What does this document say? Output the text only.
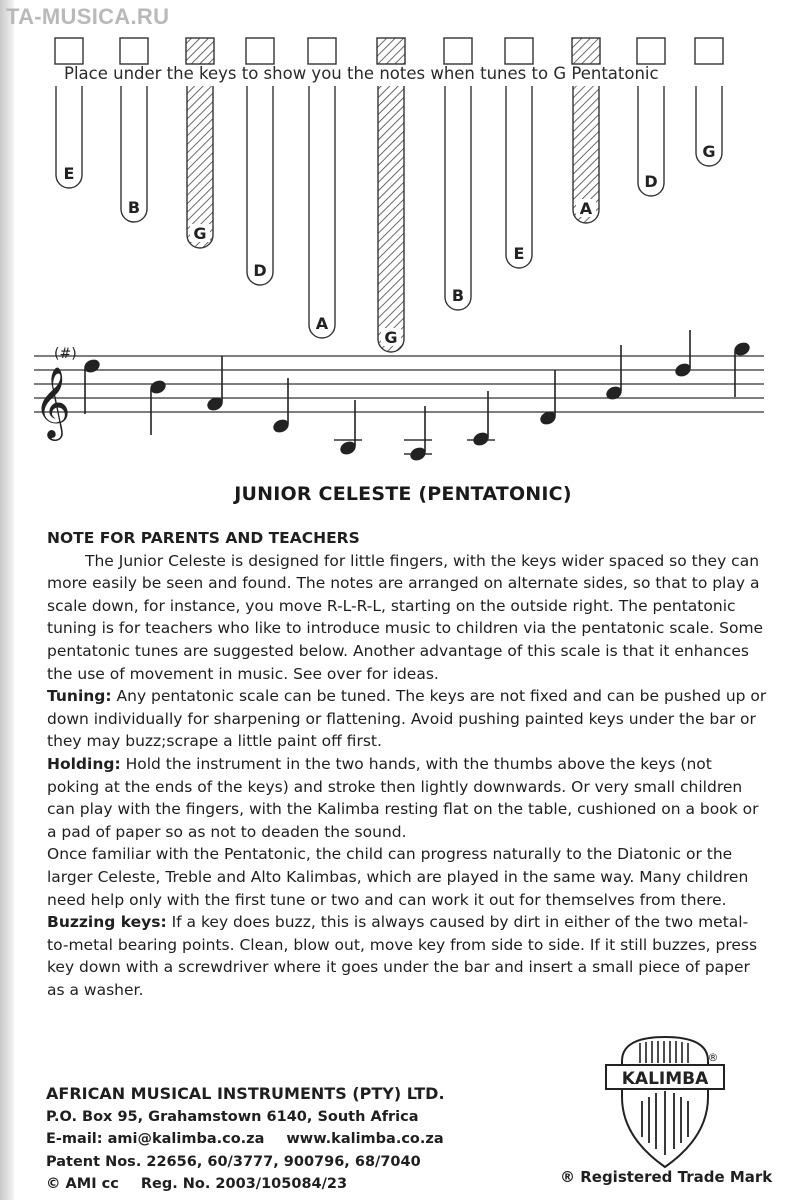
TA-MUSICA.RU
E
B
G
D
A
G
B
E
A
D
G
Place under the keys to show you the notes when tunes to G Pentatonic
𝄞
(#)
JUNIOR CELESTE (PENTATONIC)

NOTE FOR PARENTS AND TEACHERS

The Junior Celeste is designed for little fingers, with the keys wider spaced so they can more easily be seen and found. The notes are arranged on alternate sides, so that to play a scale down, for instance, you move R-L-R-L, starting on the outside right. The pentatonic tuning is for teachers who like to introduce music to children via the pentatonic scale. Some pentatonic tunes are suggested below. Another advantage of this scale is that it enhances the use of movement in music. See over for ideas.

Tuning: Any pentatonic scale can be tuned. The keys are not fixed and can be pushed up or down individually for sharpening or flattening. Avoid pushing painted keys under the bar or they may buzz;scrape a little paint off first.

Holding: Hold the instrument in the two hands, with the thumbs above the keys (not poking at the ends of the keys) and stroke then lightly downwards. Or very small children can play with the fingers, with the Kalimba resting flat on the table, cushioned on a book or a pad of paper so as not to deaden the sound.

Once familiar with the Pentatonic, the child can progress naturally to the Diatonic or the larger Celeste, Treble and Alto Kalimbas, which are played in the same way. Many children need help only with the first tune or two and can work it out for themselves from there.

Buzzing keys: If a key does buzz, this is always caused by dirt in either of the two metal-to-metal bearing points. Clean, blow out, move key from side to side. If it still buzzes, press key down with a screwdriver where it goes under the bar and insert a small piece of paper as a washer.

AFRICAN MUSICAL INSTRUMENTS (PTY) LTD.
P.O. Box 95, Grahamstown 6140, South Africa
E-mail: ami@kalimba.co.za www.kalimba.co.za
Patent Nos. 22656, 60/3777, 900796, 68/7040
© AMI cc Reg. No. 2003/105084/23
KALIMBA
®
® Registered Trade Mark
